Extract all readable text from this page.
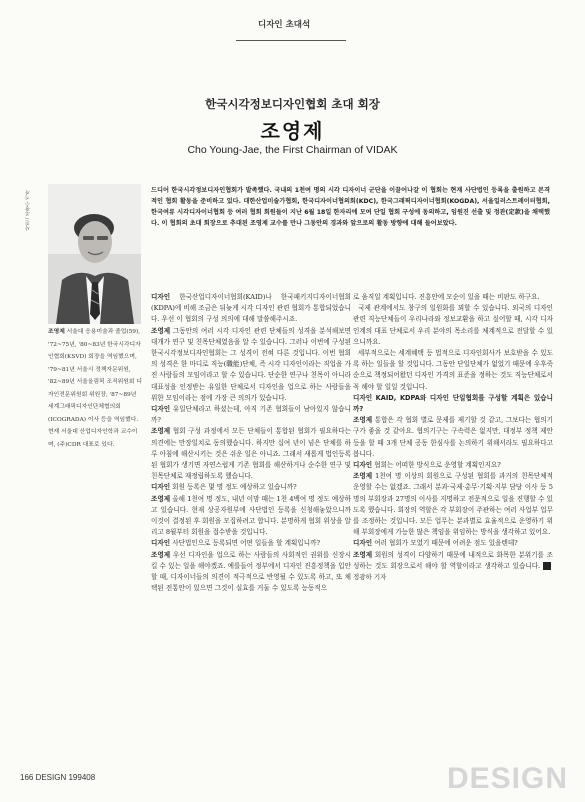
디자인 초대석
한국시각정보디자인협회 초대 회장
조영제
Cho Young-Jae, the First Chairman of VIDAK
사진 / 조광수 기자	드디어 한국시각정보디자인협회가 발족했다. 국내의 1천여 명의 시각 디자이너 군단을 이끌어나갈 이 협회는 현재 사단법인 등록을 출원하고 본격적인 협회 활동을 준비하고 있다. 대한산업미술가협회, 한국디자이너협의회(KDC), 한국그래픽디자이너협회(KOGDA), 서울일러스트레이터협회, 한국여류 시각디자이너협회 등 여러 협회 회원들이 지난 6월 18일 한자리에 모여 단일 협회 구성에 동의하고, 임원진 선출 및 정관(定款)을 채택했다. 이 협회의 초대 회장으로 추대된 조영제 교수를 만나 그동안의 경과와 앞으로의 활동 방향에 대해 들어보았다.
조영제 서울대 응용미술과 졸업(59), '72~75년, '80~83년 한국시각디자인협회(KSVD) 회장을 역임했으며, '79~81년 서울시 정책자문위원, '82~89년 서울올림픽 조직위원회 디자인전문위원회 위원장, '87~89년 세계그래픽디자인단체협의회(ICOGRADA) 이사 등을 역임했다. 현재 서울대 산업디자인학과 교수이며, (주)CDR 대표로 있다.

디자인 한국산업디자이너협회(KAID)나 한국패키지디자이너협회(KDPA)에 비해 조금은 뒤늦게 시각 디자인 관련 협회가 통합되었습니다. 우선 이 협회의 구성 의의에 대해 말씀해주시죠.

조영제 그동안의 여러 시각 디자인 관련 단체들의 성격을 분석해보면 대개가 연구 및 친목단체였음을 알 수 있습니다. 그러나 이번에 구성된 한국시각정보디자인협회는 그 성격이 전혀 다른 것입니다. 이번 협회의 성격은 한 마디로 직능(職能)단체, 즉 시각 디자인이라는 직업을 가진 사람들의 모임이라고 할 수 있습니다. 단순한 연구나 친목이 아니라 대표성을 인정받는 유일한 단체로서 디자인을 업으로 하는 사람들을 위한 모임이라는 점에 가장 큰 의의가 있습니다.

디자인 유일단체라고 하셨는데, 아직 기존 협회들이 남아있지 않습니까?

조영제 협회 구성 과정에서 모든 단체들이 통합된 협회가 필요하다는 의견에는 만장일치로 동의했습니다. 하지만 십여 년이 넘은 단체를 하루 아침에 해산시키는 것은 쉬운 일은 아니죠. 그래서 새롭게 법인등록된 협회가 생기면 자연스럽게 기존 협회를 해산하거나 순수한 연구 및 친목단체로 재정립하도록 했습니다.

디자인 회원 등록은 몇 명 정도 예상하고 있습니까?

조영제 올해 1천여 명 정도, 내년 이맘 때는 1천 4백여 명 정도 예상하고 있습니다. 현재 상공자원부에 사단법인 등록을 신청해놓았으니까 이것이 결정된 후 회원을 모집하려고 합니다. 분명하게 협회 위상을 알리고 8월부터 회원을 접수받을 것입니다.

디자인 사단법인으로 등록되면 어떤 일들을 할 계획입니까?

조영제 우선 디자인을 업으로 하는 사람들의 사회적인 권위를 신장시킬 수 있는 일을 해야겠죠. 예를들어 정부에서 디자인 진흥정책을 입안할 때, 디자이너들의 의견이 적극적으로 반영될 수 있도록 하고, 또 체택된 전통안이 있으면 그것이 실효를 거둘 수 있도록 능동적으

로 움직일 계획입니다. 진흥안에 모순이 있을 때는 비판도 하구요.

국제 관계에서도 창구의 일원화를 꾀할 수 있습니다. 외국의 디자인 관련 직능단체들이 우리나라와 정보교환을 하고 싶어할 때, 시각 디자인계의 대표 단체로서 우리 분야의 목소리를 체계적으로 전달할 수 있으니까요.

세부적으로는 세계혜택 등 법적으로 디자인회사가 보호받을 수 있도록 하는 일들을 할 것입니다. 그동안 단일단체가 없었기 때문에 우후죽순으로 책정되어왔던 디자인 가격의 표준을 정하는 것도 직능단체로서 꼭 해야 할 일일 것입니다.

디자인 KAID, KDPA와 디자인 단일협회를 구성할 계획은 있습니까?

조영제 통합은 각 협회 별로 문제를 제기할 것 같고, 그보다는 협의기구가 좋을 것 같아요. 협의기구는 구속력은 없지만, 대정부 정책 제안 등을 할 때 3개 단체 공동 한심사를 논의하기 위해서라도 필요하다고 봅니다.

디자인 협회는 어떠한 방식으로 운영할 계획인지요?

조영제 1천여 명 이상의 회원으로 구성된 협회를 과거의 친목단체적 운영할 수는 없겠죠. 그래서 분과·국제·총무·기획·지부 담당 이사 등 5명의 부회장과 27명의 이사를 지명하고 전문적으로 일을 진행할 수 있도록 했습니다. 회장의 역할은 각 부회장이 주관하는 여러 사업부 업무를 조정하는 것입니다. 모든 업무는 분과별로 효율적으로 운영하기 위해 부회장에게 가능한 많은 책임을 위임하는 방식을 생각하고 있어요.

디자인 여러 협회가 모였기 때문에 어려운 점도 있을텐데?

조영제 회원의 성격이 다양하기 때문에 내적으로 화목한 분위기를 조성하는 것도 회장으로서 해야 할 역할이라고 생각하고 있습니다. 정광하 기자

166 DESIGN 199408	DESIGN
